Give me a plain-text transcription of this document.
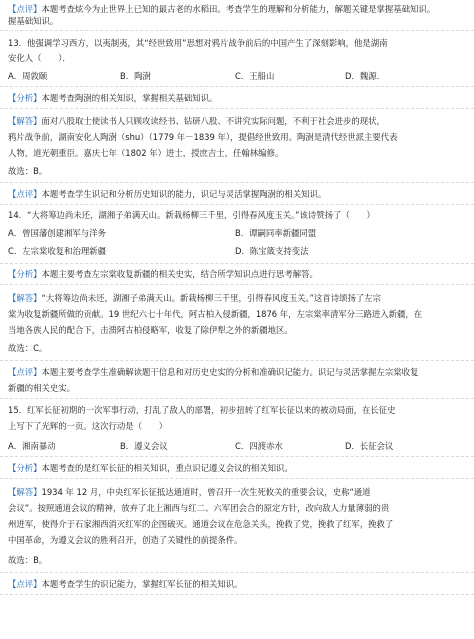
【点评】本题考查炫今为止世界上已知的最古老的水稻田。考查学生的理解和分析能力，解题关键是掌握基础知识。
握基础知识。
13．他强调学习西方，以夷制夷，其“经世致用”思想对鸦片战争前后的中国产生了深刻影响，他是湖南
安化人（　　）．
A．周敦颐	B．陶澍	C．王船山	D．魏源．
【分析】本题考查陶澍的相关知识，掌握相关基础知识。
【解答】面对八股取士使读书人只顾攻读经书、钻研八股、不讲究实际问题，不利于社会进步的现状，
鸦片战争前，湖南安化人陶澍（shu）（1779 年－1839 年），提倡经世致用。陶澍是清代经世派主要代表
人物，道光朝重臣。嘉庆七年（1802 年）进士，授庶吉士，任翰林编修。
故选：B。
【点评】本题考查学生识记和分析历史知识的能力，识记与灵活掌握陶澍的相关知识。
14．“大将筹边尚未还，湖湘子弟满天山。新栽杨柳三千里，引得春风度玉关。”该诗赞扬了（　　）
A．曾国藩创建湘军与洋务	B．谭嗣同率新疆同盟
C．左宗棠收复和治理新疆	D．陈宝箴支持变法
【分析】本题主要考查左宗棠收复新疆的相关史实，结合所学知识点进行思考解答。
【解答】“大将筹边尚未还，湖湘子弟满天山。新栽杨柳三千里，引得春风度玉关。”这首诗颂扬了左宗
棠为收复新疆所做的贡献。19 世纪六七十年代，阿古柏入侵新疆，1876 年，左宗棠率清军分三路进入新疆，在
当地各族人民的配合下，击溃阿古柏侵略军，收复了除伊犁之外的新疆地区。
故选：C。
【点评】本题主要考查学生准确解读题干信息和对历史史实的分析和准确识记能力。识记与灵活掌握左宗棠收复
新疆的相关史实。
15．红军长征初期的一次军事行动，打乱了敌人的部署，初步扭转了红军长征以来的被动局面，在长征史
上写下了光辉的一页。这次行动是（　　）
A．湘南暴动	B．遵义会议	C．四渡赤水	D．长征会议
【分析】本题考查的是红军长征的相关知识，重点识记遵义会议的相关知识。
【解答】1934 年 12 月，中央红军长征抵达通道时，曾召开一次生死攸关的重要会议，史称“通道
会议”。按照通道会议的精神，放弃了北上湘西与红二、六军团会合的原定方针，改向敌人力量薄弱的贵
州进军，使得介于石家湘西消灭红军的企图破灭。通道会议在危急关头，挽救了党，挽救了红军，挽救了
中国革命，为遵义会议的胜利召开，创造了关键性的前提条件。
故选：B。
【点评】本题考查学生的识记能力，掌握红军长征的相关知识。
